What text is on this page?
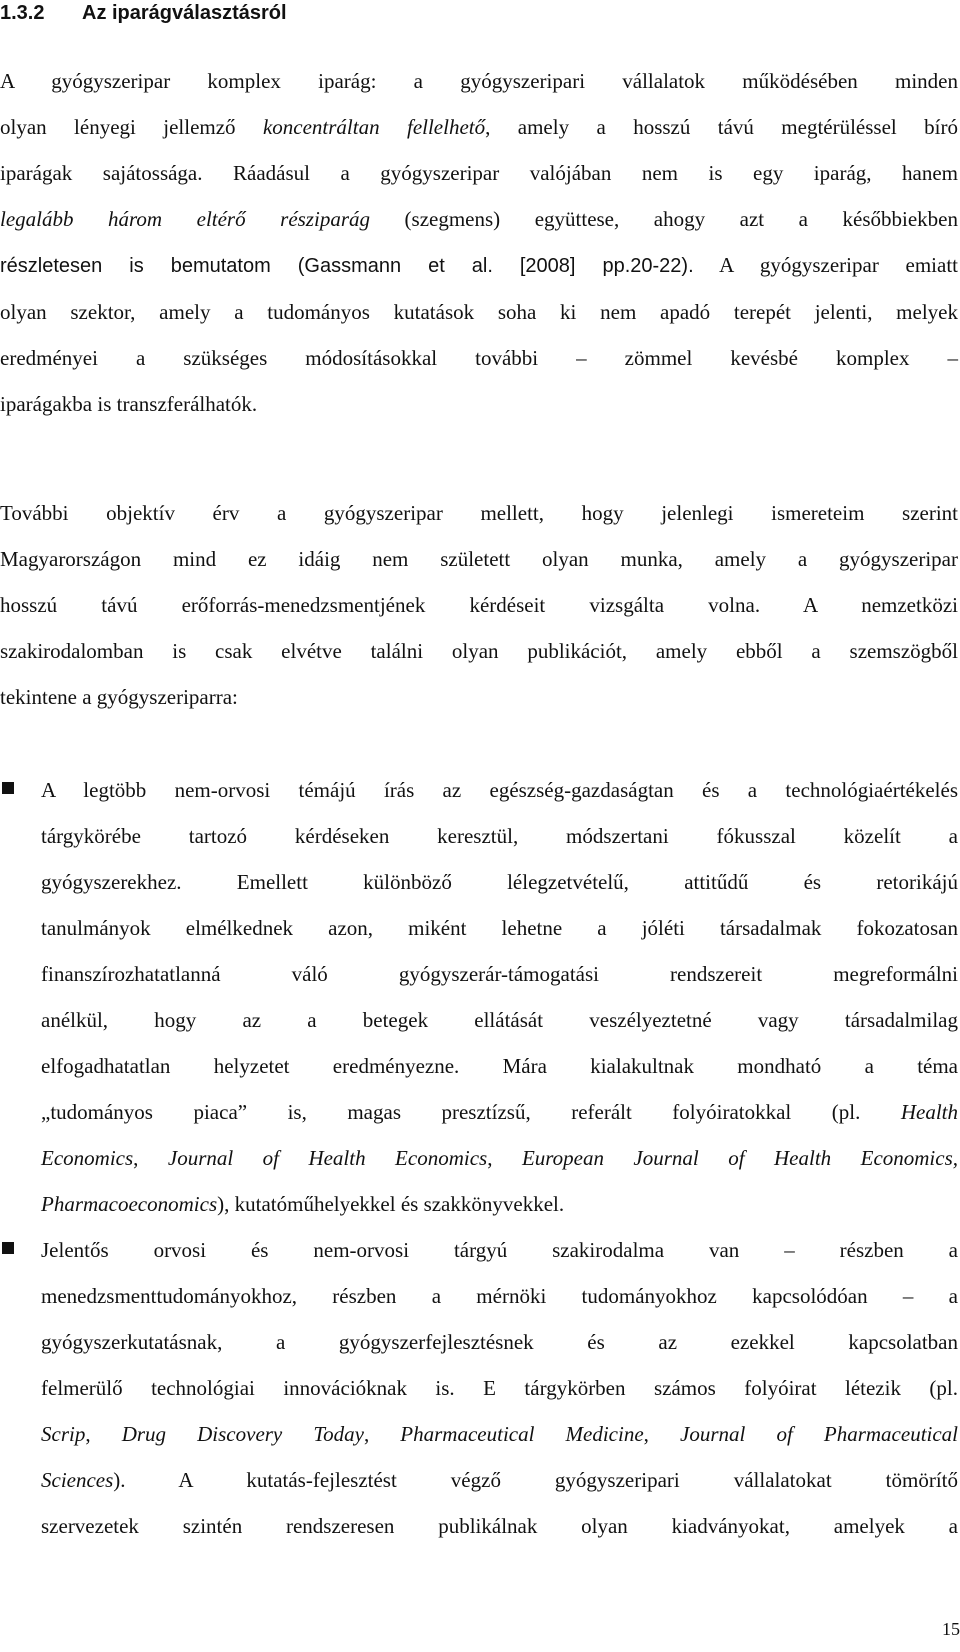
1.3.2 Az iparágválasztásról

A gyógyszeripar komplex iparág: a gyógyszeripari vállalatok működésében minden
olyan lényegi jellemző koncentráltan fellelhető, amely a hosszú távú megtérüléssel bíró
iparágak sajátossága. Ráadásul a gyógyszeripar valójában nem is egy iparág, hanem
legalább három eltérő résziparág (szegmens) együttese, ahogy azt a későbbiekben
részletesen is bemutatom (Gassmann et al. [2008] pp.20-22). A gyógyszeripar emiatt
olyan szektor, amely a tudományos kutatások soha ki nem apadó terepét jelenti, melyek
eredményei a szükséges módosításokkal további – zömmel kevésbé komplex –
iparágakba is transzferálhatók.

További objektív érv a gyógyszeripar mellett, hogy jelenlegi ismereteim szerint
Magyarországon mind ez idáig nem született olyan munka, amely a gyógyszeripar
hosszú távú erőforrás-menedzsmentjének kérdéseit vizsgálta volna. A nemzetközi
szakirodalomban is csak elvétve találni olyan publikációt, amely ebből a szemszögből
tekintene a gyógyszeriparra:

A legtöbb nem-orvosi témájú írás az egészség-gazdaságtan és a technológiaértékelés
tárgykörébe tartozó kérdéseken keresztül, módszertani fókusszal közelít a
gyógyszerekhez. Emellett különböző lélegzetvételű, attitűdű és retorikájú
tanulmányok elmélkednek azon, miként lehetne a jóléti társadalmak fokozatosan
finanszírozhatatlanná váló gyógyszerár-támogatási rendszereit megreformálni
anélkül, hogy az a betegek ellátását veszélyeztetné vagy társadalmilag
elfogadhatatlan helyzetet eredményezne. Mára kialakultnak mondható a téma
„tudományos piaca” is, magas presztízsű, referált folyóiratokkal (pl. Health
Economics, Journal of Health Economics, European Journal of Health Economics,
Pharmacoeconomics), kutatóműhelyekkel és szakkönyvekkel.
Jelentős orvosi és nem-orvosi tárgyú szakirodalma van – részben a
menedzsmenttudományokhoz, részben a mérnöki tudományokhoz kapcsolódóan – a
gyógyszerkutatásnak, a gyógyszerfejlesztésnek és az ezekkel kapcsolatban
felmerülő technológiai innovációknak is. E tárgykörben számos folyóirat létezik (pl.
Scrip, Drug Discovery Today, Pharmaceutical Medicine, Journal of Pharmaceutical
Sciences). A kutatás-fejlesztést végző gyógyszeripari vállalatokat tömörítő
szervezetek szintén rendszeresen publikálnak olyan kiadványokat, amelyek a
15
